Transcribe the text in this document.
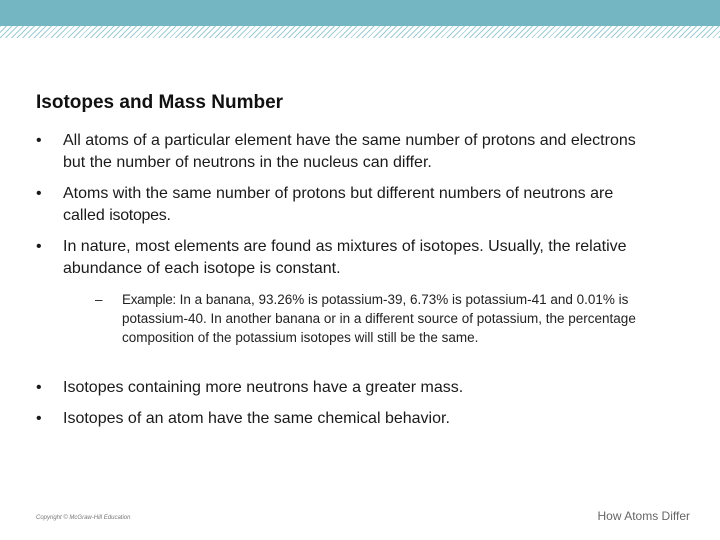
Isotopes and Mass Number
• All atoms of a particular element have the same number of protons and electrons but the number of neutrons in the nucleus can differ.
• Atoms with the same number of protons but different numbers of neutrons are called isotopes.
• In nature, most elements are found as mixtures of isotopes. Usually, the relative abundance of each isotope is constant.
– Example: In a banana, 93.26% is potassium-39, 6.73% is potassium-41 and 0.01% is potassium-40. In another banana or in a different source of potassium, the percentage composition of the potassium isotopes will still be the same.
• Isotopes containing more neutrons have a greater mass.
• Isotopes of an atom have the same chemical behavior.
How Atoms Differ
Copyright © McGraw-Hill Education
